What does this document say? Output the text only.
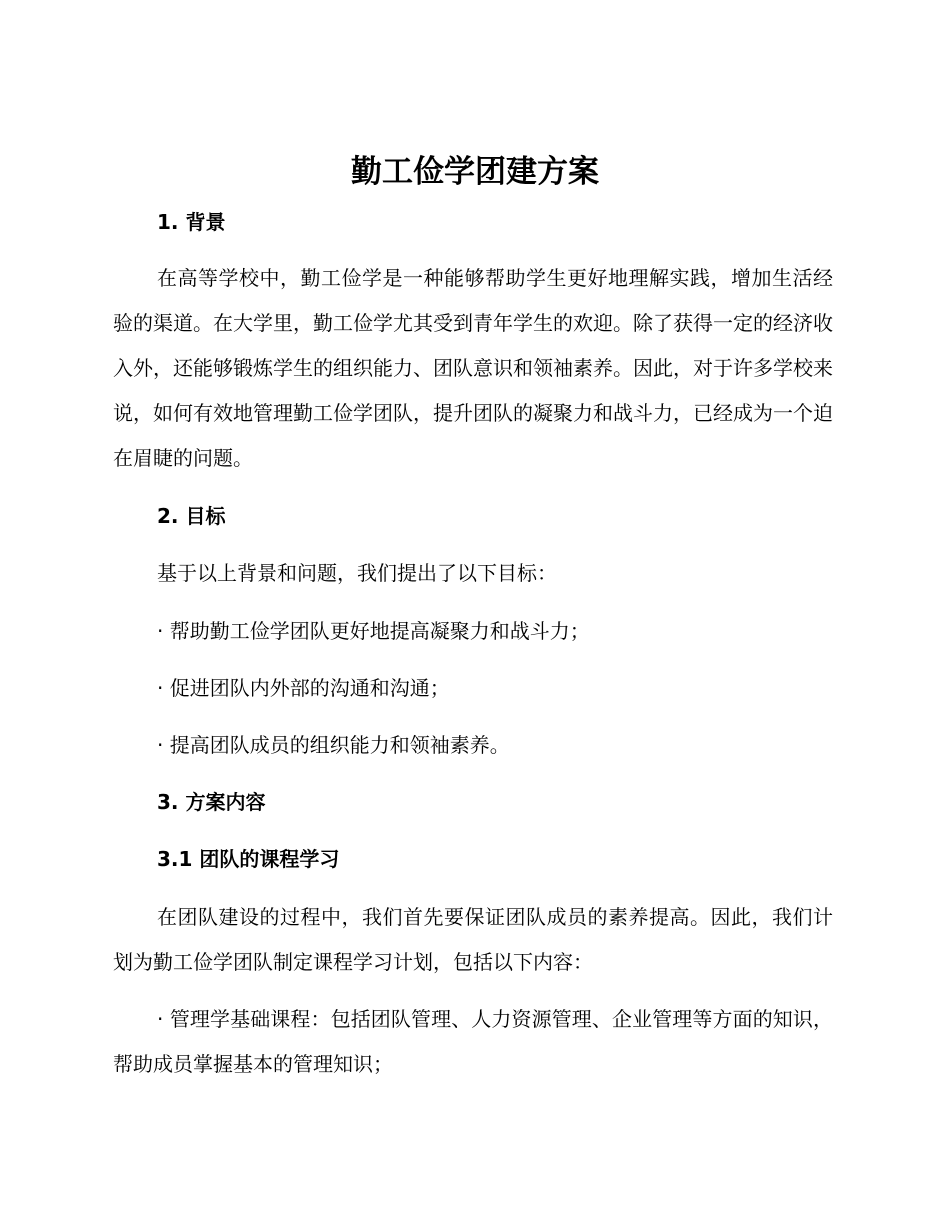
勤工俭学团建方案
1. 背景

在高等学校中，勤工俭学是一种能够帮助学生更好地理解实践，增加生活经验的渠道。在大学里，勤工俭学尤其受到青年学生的欢迎。除了获得一定的经济收入外，还能够锻炼学生的组织能力、团队意识和领袖素养。因此，对于许多学校来说，如何有效地管理勤工俭学团队，提升团队的凝聚力和战斗力，已经成为一个迫在眉睫的问题。

2. 目标
基于以上背景和问题，我们提出了以下目标：
· 帮助勤工俭学团队更好地提高凝聚力和战斗力；
· 促进团队内外部的沟通和沟通；
· 提高团队成员的组织能力和领袖素养。
3. 方案内容
3.1 团队的课程学习

在团队建设的过程中，我们首先要保证团队成员的素养提高。因此，我们计划为勤工俭学团队制定课程学习计划，包括以下内容：

· 管理学基础课程：包括团队管理、人力资源管理、企业管理等方面的知识，帮助成员掌握基本的管理知识；
